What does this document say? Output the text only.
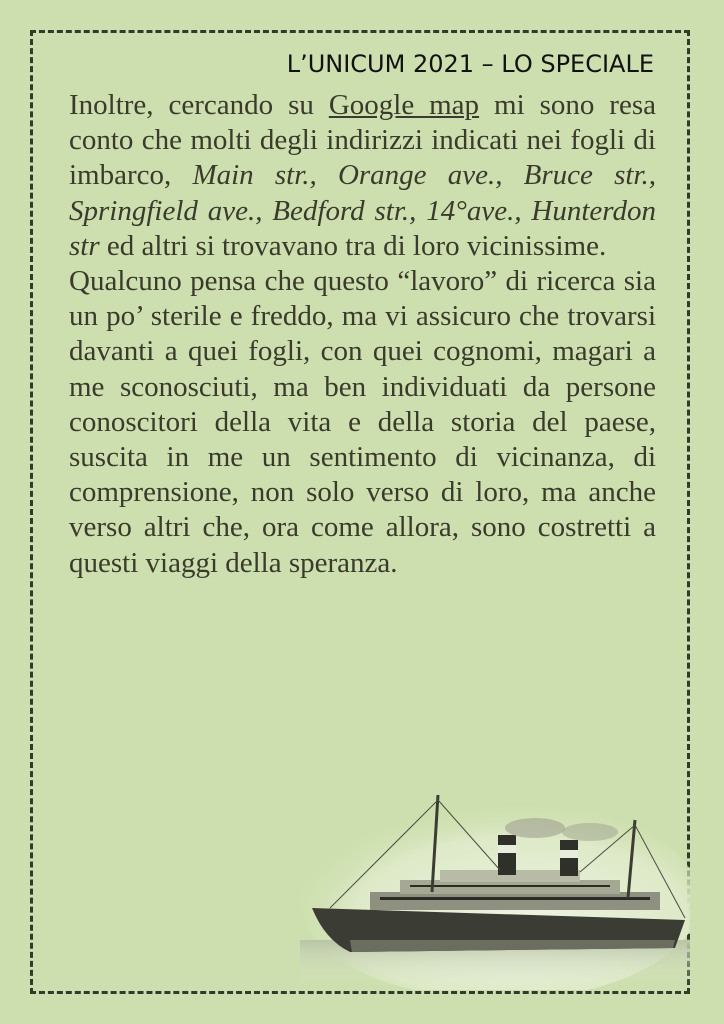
L’UNICUM 2021 – LO SPECIALE

Inoltre, cercando su Google map mi sono resa conto che molti degli indirizzi indicati nei fogli di imbarco, Main str., Orange ave., Bruce str., Springfield ave., Bedford str., 14°ave., Hunterdon str ed altri si trovavano tra di loro vicinissime.

Qualcuno pensa che questo “lavoro” di ricerca sia un po’ sterile e freddo, ma vi assicuro che trovarsi davanti a quei fogli, con quei cognomi, magari a me sconosciuti, ma ben individuati da persone conoscitori della vita e della storia del paese, suscita in me un sentimento di vicinanza, di comprensione, non solo verso di loro, ma anche verso altri che, ora come allora, sono costretti a questi viaggi della speranza.
